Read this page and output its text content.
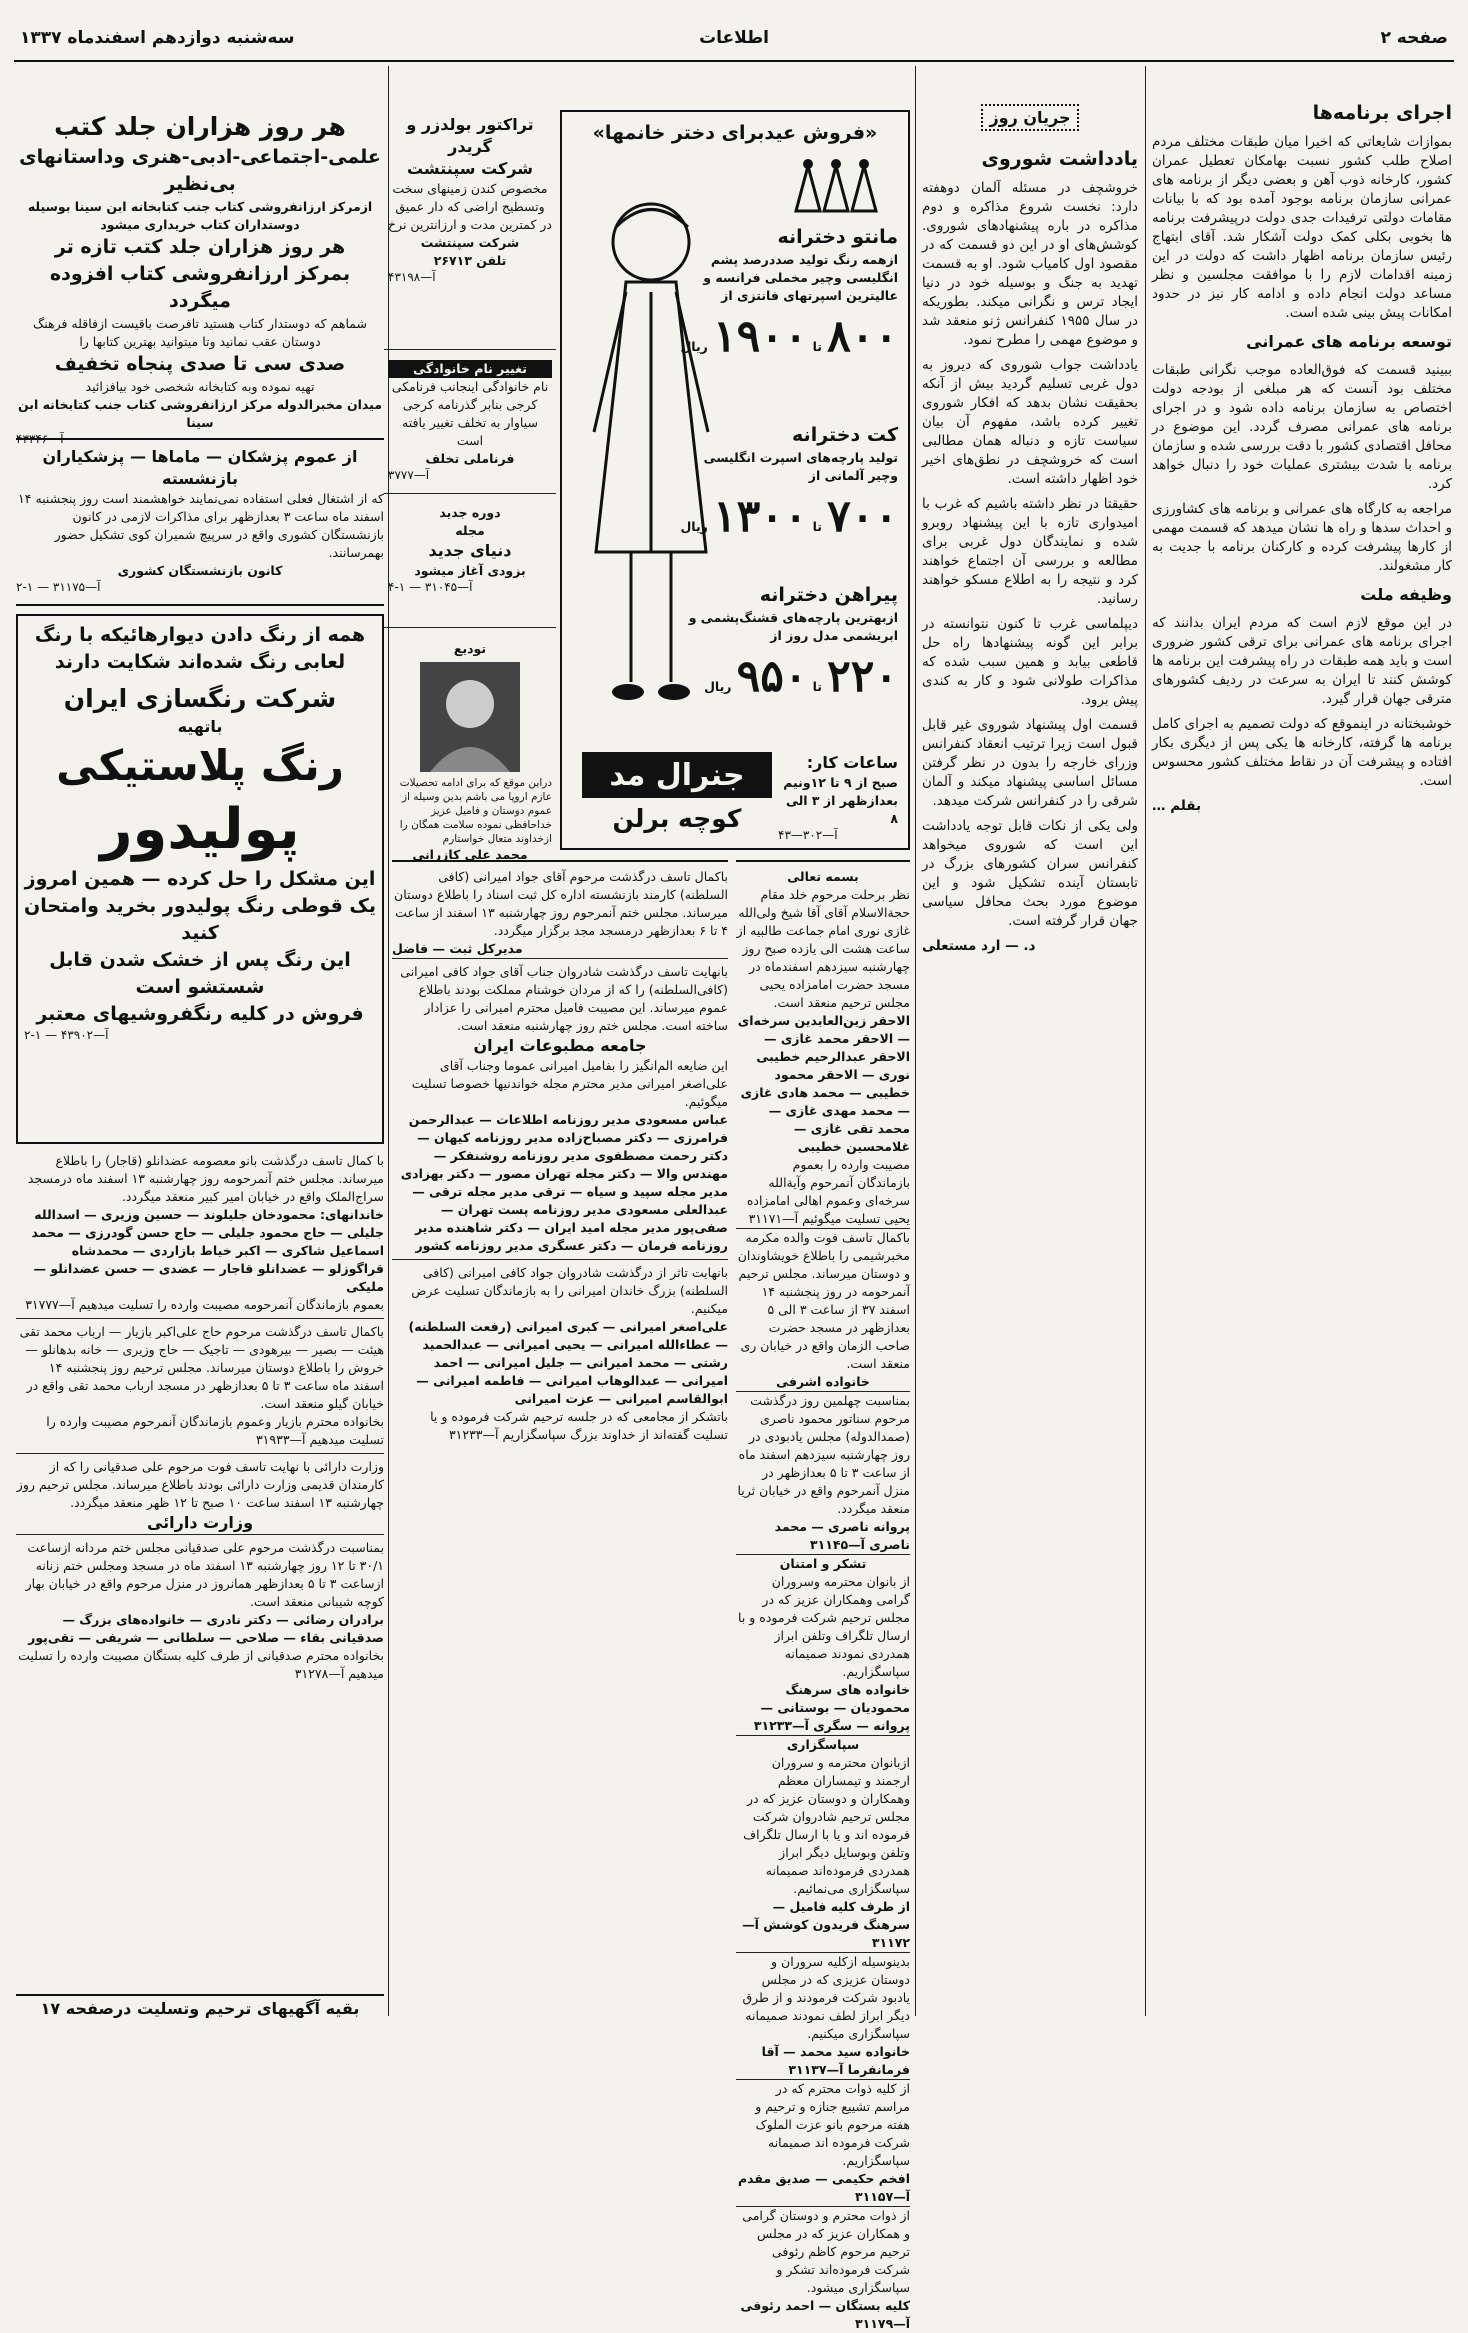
صفحه ۲
اطلاعات
سه‌شنبه دوازدهم اسفندماه ۱۳۳۷
اجرای برنامه‌ها
بموازات شایعاتی که اخیرا میان طبقات مختلف مردم اصلاح طلب کشور نسبت بهامکان تعطیل عمران کشور، کارخانه ذوب آهن و بعضی دیگر از برنامه های عمرانی سازمان برنامه بوجود آمده بود که با بیانات مقامات دولتی ترفیدات جدی دولت درپیشرفت برنامه ها بخوبی بکلی کمک دولت آشکار شد. آقای ابتهاج رئیس سازمان برنامه اظهار داشت که دولت در این زمینه اقدامات لازم را با موافقت مجلسین و نظر مساعد دولت انجام داده و ادامه کار نیز در حدود امکانات پیش بینی شده است.
توسعه برنامه های عمرانی
ببینید قسمت که فوق‌العاده موجب نگرانی طبقات مختلف بود آنست که هر مبلغی از بودجه دولت اختصاص به سازمان برنامه داده شود و در اجرای برنامه های عمرانی مصرف گردد. این موضوع در محافل اقتصادی کشور با دقت بررسی شده و سازمان برنامه با شدت بیشتری عملیات خود را دنبال خواهد کرد.
مراجعه به کارگاه های عمرانی و برنامه های کشاورزی و احداث سدها و راه ها نشان میدهد که قسمت مهمی از کارها پیشرفت کرده و کارکنان برنامه با جدیت به کار مشغولند.
وظیفه ملت
در این موقع لازم است که مردم ایران بدانند که اجرای برنامه های عمرانی برای ترقی کشور ضروری است و باید همه طبقات در راه پیشرفت این برنامه ها کوشش کنند تا ایران به سرعت در ردیف کشورهای مترقی جهان قرار گیرد.
خوشبختانه در اینموقع که دولت تصمیم به اجرای کامل برنامه ها گرفته، کارخانه ها یکی پس از دیگری بکار افتاده و پیشرفت آن در نقاط مختلف کشور محسوس است.
بقلم …
جریان روز
یادداشت شوروی
خروشچف در مسئله آلمان دوهفته دارد: نخست شروع مذاکره و دوم مذاکره در باره پیشنهادهای شوروی. کوشش‌های او در این دو قسمت که در مقصود اول کامیاب شود. او به قسمت تهدید به جنگ و بوسیله خود در دنیا ایجاد ترس و نگرانی میکند. بطوریکه در سال ۱۹۵۵ کنفرانس ژنو منعقد شد و موضوع مهمی را مطرح نمود.
یادداشت جواب شوروی که دیروز به دول غربی تسلیم گردید بیش از آنکه بحقیقت نشان بدهد که افکار شوروی تغییر کرده باشد، مفهوم آن بیان سیاست تازه و دنباله همان مطالبی است که خروشچف در نطق‌های اخیر خود اظهار داشته است.
حقیقتا در نظر داشته باشیم که غرب با امیدواری تازه با این پیشنهاد روبرو شده و نمایندگان دول غربی برای مطالعه و بررسی آن اجتماع خواهند کرد و نتیجه را به اطلاع مسکو خواهند رسانید.
دیپلماسی غرب تا کنون نتوانسته در برابر این گونه پیشنهادها راه حل قاطعی بیابد و همین سبب شده که مذاکرات طولانی شود و کار به کندی پیش برود.
قسمت اول پیشنهاد شوروی غیر قابل قبول است زیرا ترتیب انعقاد کنفرانس وزرای خارجه را بدون در نظر گرفتن مسائل اساسی پیشنهاد میکند و آلمان شرقی را در کنفرانس شرکت میدهد.
ولی یکی از نکات قابل توجه یادداشت این است که شوروی میخواهد کنفرانس سران کشورهای بزرگ در تابستان آینده تشکیل شود و این موضوع مورد بحث محافل سیاسی جهان قرار گرفته است.
د. — ارد مستعلی
«فروش عیدبرای دختر خانمها»
مانتو دخترانه
ازهمه رنگ تولید صددرصد پشم انگلیسی وچیر مخملی فرانسه و عالیترین اسپرتهای فانتزی از
۸۰۰ تا ۱۹۰۰ ریال
کت دخترانه
تولید پارچه‌های اسپرت انگلیسی وچیر آلمانی از
۷۰۰ تا ۱۳۰۰ ریال
پیراهن دخترانه
ازبهترین پارچه‌های قشنگ‌پشمی و ابریشمی مدل روز از
۲۲۰ تا ۹۵۰ ریال
جنرال مد
کوچه برلن
ساعات کار:
صبح از ۹ تا ۱۲ونیم
بعدازظهر از ۳ الی ۸
آ—۳۰۲—۴۳
تراکتور بولدزر و گریدر
شرکت سپنتشت
مخصوص کندن زمینهای سخت وتسطیح اراضی که دار عمیق در کمترین مدت و ارزانترین نرخ
شرکت سپنتشت
تلفن ۲۶۷۱۳
آ—۴۳۱۹۸
تغییر نام خانوادگی
نام خانوادگی اینجانب فرنامکی کرجی بنابر گذرنامه کرجی سیاوار به تخلف تغییر یافته است
فرناملی تخلف
آ—۳۷۷۷
دوره جدید
مجله
دنیای جدید
بزودی آغاز میشود
آ—۳۱۰۴۵ — ۱-۴
تودیع
دراین موقع که برای ادامه تحصیلات عازم اروپا می باشم بدین وسیله از عموم دوستان و فامیل عزیز خداحافظی نموده سلامت همگان را ازخداوند متعال خواستارم
محمد علی کازرانی
هر روز هزاران جلد کتب
علمی-اجتماعی-ادبی-هنری وداستانهای بی‌نظیر
ازمرکز ارزانفروشی کتاب جنب کتابخانه ابن سینا بوسیله دوستداران کتاب خریداری میشود
هر روز هزاران جلد کتب تازه تر
بمرکز ارزانفروشی کتاب افزوده میگردد
شماهم که دوستدار کتاب هستید تافرصت باقیست ازفاقله فرهنگ دوستان عقب نمانید وتا میتوانید بهترین کتابها را
صدی سی تا صدی پنجاه تخفیف
تهیه نموده وبه کتابخانه شخصی خود بیافزائید
میدان مخبرالدوله مرکز ارزانفروشی کتاب جنب کتابخانه ابن سینا
آ—۴۳۳۴۶
از عموم پزشکان — ماماها — پزشکیاران بازنشسته
که از اشتغال فعلی استفاده نمی‌نمایند خواهشمند است روز پنجشنبه ۱۴ اسفند ماه ساعت ۳ بعدازظهر برای مذاکرات لازمی در کانون بازنشستگان کشوری واقع در سرپیچ شمیران کوی تشکیل حضور بهمرسانند.
کانون بازنشستگان کشوری
آ—۳۱۱۷۵ — ۱-۲
همه از رنگ دادن دیوارهائیکه با رنگ لعابی رنگ شده‌اند شکایت دارند
شرکت رنگسازی ایران
باتهیه
رنگ پلاستیکی
پولیدور
این مشکل را حل کرده — همین امروز یک قوطی رنگ پولیدور بخرید وامتحان کنید
این رنگ پس از خشک شدن قابل شستشو است
فروش در کلیه رنگفروشیهای معتبر
آ—۴۳۹۰۲ — ۱-۲
با کمال تاسف درگذشت بانو معصومه عضدانلو (قاجار) را باطلاع میرساند. مجلس ختم آنمرحومه روز چهارشنبه ۱۳ اسفند ماه درمسجد سراج‌الملک واقع در خیابان امیر کبیر منعقد میگردد.
خاندانهای: محمودخان جلیلوند — حسین وزیری — اسدالله جلیلی — حاج محمود جلیلی — حاج حسن گودرزی — محمد اسماعیل شاکری — اکبر خیاط بازاردی — محمدشاه قراگوزلو — عضدانلو قاجار — عضدی — حسن عضدانلو — ملیکی
بعموم بازماندگان آنمرحومه مصیبت وارده را تسلیت میدهیم آ—۳۱۷۷۷
باکمال تاسف درگذشت مرحوم حاج علی‌اکبر بازیار — ارباب محمد تقی هیئت — بصیر — بیرهودی — تاجیک — حاج وزیری — خانه بدهانلو — خروش را باطلاع دوستان میرساند. مجلس ترحیم روز پنجشنبه ۱۴ اسفند ماه ساعت ۳ تا ۵ بعدازظهر در مسجد ارباب محمد تقی واقع در خیابان گیلو منعقد است.
بخانواده محترم بازیار وعموم بازماندگان آنمرحوم مصیبت وارده را تسلیت میدهیم آ—۳۱۹۳۳
وزارت دارائی با نهایت تاسف فوت مرحوم علی صدقیانی را که از کارمندان قدیمی وزارت دارائی بودند باطلاع میرساند. مجلس ترحیم روز چهارشنبه ۱۳ اسفند ساعت ۱۰ صبح تا ۱۲ ظهر منعقد میگردد.
وزارت دارائی
بمناسبت درگذشت مرحوم علی صدقیانی مجلس ختم مردانه ازساعت ۳۰/۱ تا ۱۲ روز چهارشنبه ۱۳ اسفند ماه در مسجد ومجلس ختم زنانه ازساعت ۳ تا ۵ بعدازظهر همانروز در منزل مرحوم واقع در خیابان بهار کوچه شیبانی منعقد است.
برادران رضائی — دکتر نادری — خانواده‌های بزرگ — صدقیانی بقاء — صلاحی — سلطانی — شریفی — تقی‌پور
بخانواده محترم صدقیانی از طرف کلیه بستگان مصیبت وارده را تسلیت میدهیم آ—۳۱۲۷۸
بقیه آگهیهای ترحیم وتسلیت درصفحه ۱۷
باکمال تاسف درگذشت مرحوم آقای جواد امیرانی (کافی السلطنه) کارمند بازنشسته اداره کل ثبت اسناد را باطلاع دوستان میرساند. مجلس ختم آنمرحوم روز چهارشنبه ۱۳ اسفند از ساعت ۴ تا ۶ بعدازظهر درمسجد مجد برگزار میگردد.
مدیرکل ثبت — فاضل
بانهایت تاسف درگذشت شادروان جناب آقای جواد کافی امیرانی (کافی‌السلطنه) را که از مردان خوشنام مملکت بودند باطلاع عموم میرساند. این مصیبت فامیل محترم امیرانی را عزادار ساخته است. مجلس ختم روز چهارشنبه منعقد است.
جامعه مطبوعات ایران
این ضایعه الم‌انگیز را بفامیل امیرانی عموما وجناب آقای علی‌اصغر امیرانی مدیر محترم مجله خواندنیها خصوصا تسلیت میگوئیم.
عباس مسعودی مدیر روزنامه اطلاعات — عبدالرحمن فرامرزی — دکتر مصباح‌زاده مدیر روزنامه کیهان — دکتر رحمت مصطفوی مدیر روزنامه روشنفکر — مهندس والا — دکتر مجله تهران مصور — دکتر بهزادی مدیر مجله سپید و سیاه — ترقی مدیر مجله ترقی — عبدالعلی مسعودی مدیر روزنامه پست تهران — صفی‌پور مدیر مجله امید ایران — دکتر شاهنده مدیر روزنامه فرمان — دکتر عسگری مدیر روزنامه کشور
بانهایت تاثر از درگذشت شادروان جواد کافی امیرانی (کافی السلطنه) بزرگ خاندان امیرانی را به بازماندگان تسلیت عرض میکنیم.
علی‌اصغر امیرانی — کبری امیرانی (رفعت السلطنه) — عطاءالله امیرانی — یحیی امیرانی — عبدالحمید رشتی — محمد امیرانی — جلیل امیرانی — احمد امیرانی — عبدالوهاب امیرانی — فاطمه امیرانی — ابوالقاسم امیرانی — عزت امیرانی
باتشکر از مجامعی که در جلسه ترحیم شرکت فرموده و یا تسلیت گفته‌اند از خداوند بزرگ سپاسگزاریم آ—۳۱۲۳۳
بسمه تعالی
نظر برحلت مرحوم خلد مقام حجة‌الاسلام آقای آقا شیخ ولی‌الله غازی نوری امام جماعت طالبیه از ساعت هشت الی یازده صبح روز چهارشنبه سیزدهم اسفندماه در مسجد حضرت امامزاده یحیی مجلس ترحیم منعقد است.
الاحقر زین‌العابدین سرخه‌ای — الاحقر محمد غازی — الاحقر عبدالرحیم خطیبی نوری — الاحقر محمود خطیبی — محمد هادی غازی — محمد مهدی غازی — محمد تقی غازی — غلامحسین خطیبی
مصیبت وارده را بعموم بازماندگان آنمرحوم وآیةالله سرخه‌ای وعموم اهالی امامزاده یحیی تسلیت میگوئیم آ—۳۱۱۷۱
باکمال تاسف فوت والده مکرمه‌ مخبرشیمی را باطلاع خویشاوندان و دوستان میرساند. مجلس ترحیم آنمرحومه در روز پنجشنبه ۱۴ اسفند ۳۷ از ساعت ۳ الی ۵ بعدازظهر در مسجد حضرت صاحب الزمان واقع در خیابان ری منعقد است.
خانواده اشرفی
بمناسبت چهلمین روز درگذشت مرحوم سناتور محمود ناصری (صمدالدوله) مجلس یادبودی در روز چهارشنبه سیزدهم اسفند ماه از ساعت ۳ تا ۵ بعدازظهر در منزل آنمرحوم واقع در خیابان ثریا منعقد میگردد.
پروانه ناصری — محمد ناصری آ—۳۱۱۴۵
تشکر و امتنان
از بانوان محترمه وسروران گرامی وهمکاران عزیز که در مجلس ترحیم شرکت فرموده و با ارسال تلگراف وتلفن ابراز همدردی نمودند صمیمانه سپاسگزاریم.
خانواده های سرهنگ محمودیان — بوستانی — پروانه — سگری آ—۳۱۲۳۳
سپاسگزاری
ازبانوان محترمه و سروران ارجمند و تیمساران معظم وهمکاران و دوستان عزیز که در مجلس ترحیم شادروان شرکت فرموده اند و یا با ارسال تلگراف وتلفن وبوسایل دیگر ابراز همدردی فرموده‌اند صمیمانه سپاسگزاری می‌نمائیم.
از طرف کلیه فامیل — سرهنگ فریدون کوشش آ—۳۱۱۷۲
بدینوسیله ازکلیه سروران و دوستان عزیزی که در مجلس یادبود شرکت فرمودند و از طرق دیگر ابراز لطف نمودند صمیمانه سپاسگزاری میکنیم.
خانواده سید محمد — آقا فرمانفرما آ—۳۱۱۳۷
از کلیه ذوات محترم که در مراسم تشییع جنازه و ترحیم و هفته مرحوم بانو عزت الملوک شرکت فرموده اند صمیمانه سپاسگزاریم.
افخم حکیمی — صدیق مقدم آ—۳۱۱۵۷
از ذوات محترم و دوستان گرامی و همکاران عزیز که در مجلس ترحیم مرحوم کاظم رئوفی شرکت فرموده‌اند تشکر و سپاسگزاری میشود.
کلیه بستگان — احمد رئوفی آ—۳۱۱۷۹
